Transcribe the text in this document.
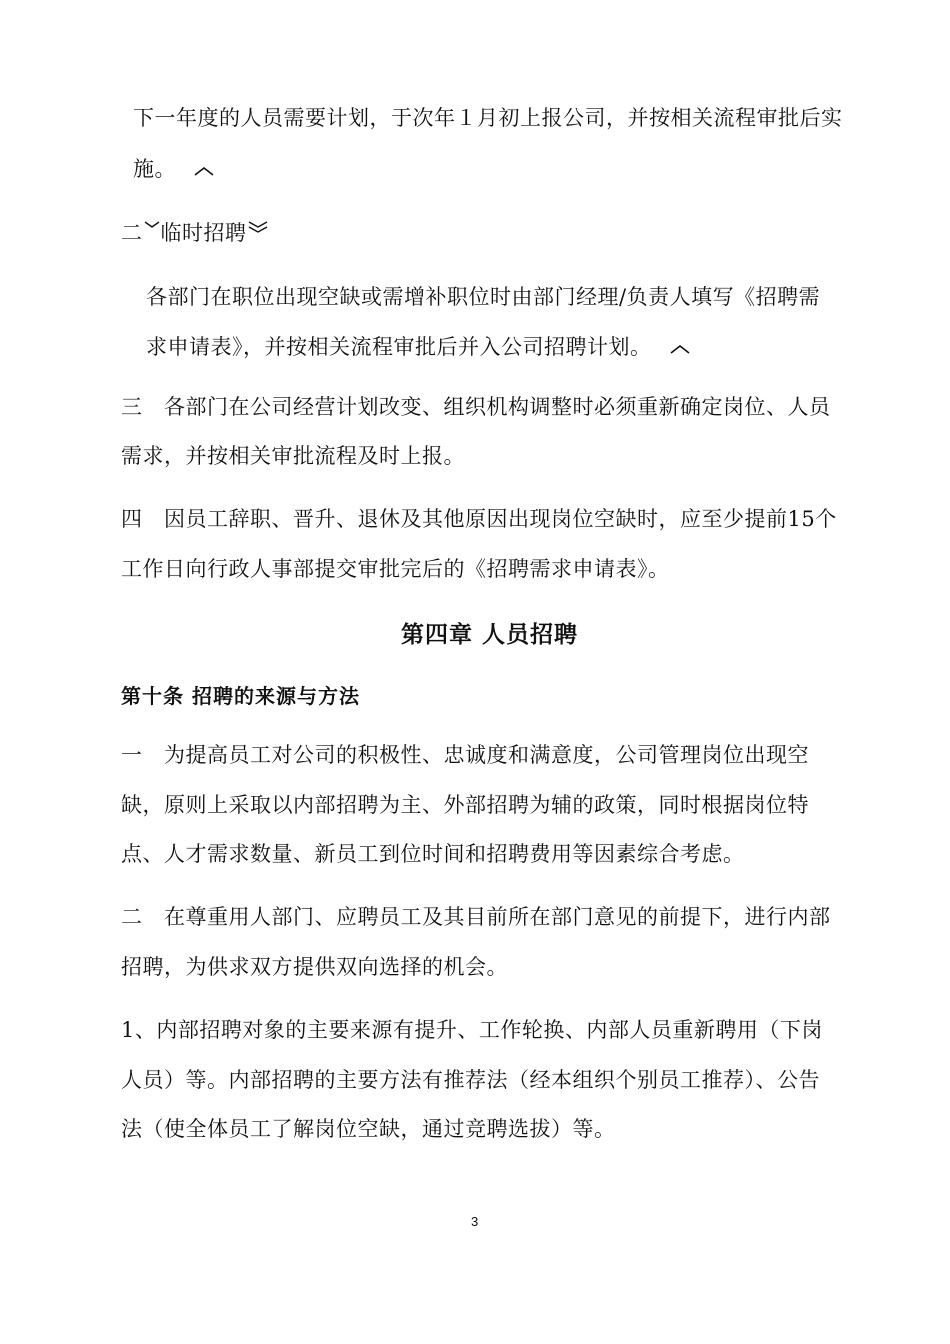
下一年度的人员需要计划，于次年１月初上报公司，并按相关流程审批后实
施。
二 临时招聘
各部门在职位出现空缺或需增补职位时由部门经理/负责人填写《招聘需
求申请表》，并按相关流程审批后并入公司招聘计划。
三　各部门在公司经营计划改变、组织机构调整时必须重新确定岗位、人员
需求，并按相关审批流程及时上报。
四　因员工辞职、晋升、退休及其他原因出现岗位空缺时，应至少提前15个
工作日向行政人事部提交审批完后的《招聘需求申请表》。
第四章 人员招聘
第十条 招聘的来源与方法
一　为提高员工对公司的积极性、忠诚度和满意度，公司管理岗位出现空
缺，原则上采取以内部招聘为主、外部招聘为辅的政策，同时根据岗位特
点、人才需求数量、新员工到位时间和招聘费用等因素综合考虑。
二　在尊重用人部门、应聘员工及其目前所在部门意见的前提下，进行内部
招聘，为供求双方提供双向选择的机会。
1、内部招聘对象的主要来源有提升、工作轮换、内部人员重新聘用（下岗
人员）等。内部招聘的主要方法有推荐法（经本组织个别员工推荐）、公告
法（使全体员工了解岗位空缺，通过竞聘选拔）等。
3
